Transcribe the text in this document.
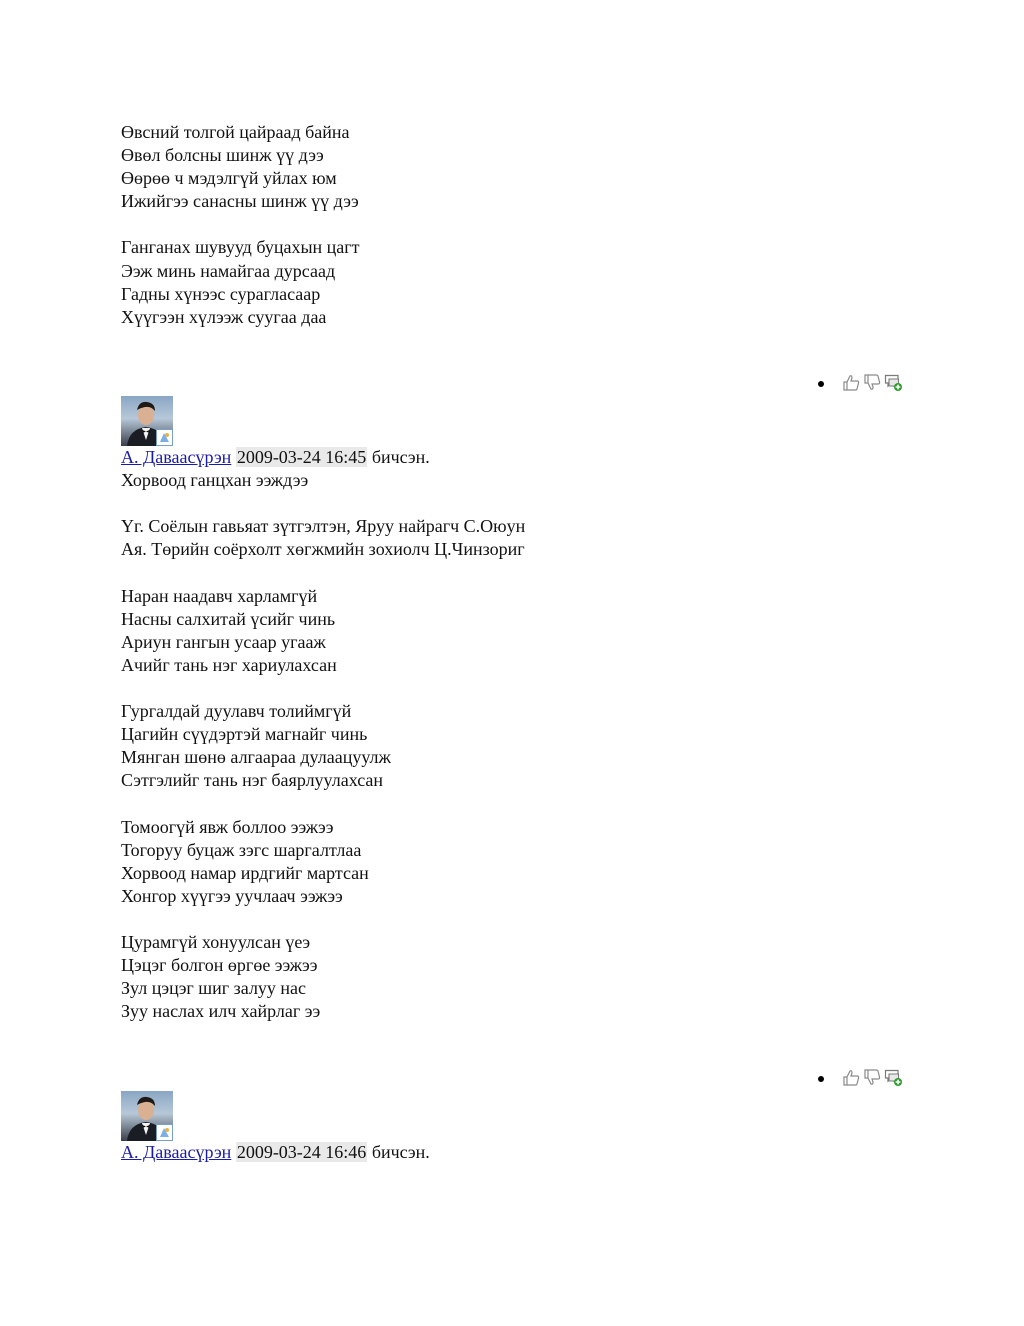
Өвсний толгой цайраад байна
Өвөл болсны шинж үү дээ
Өөрөө ч мэдэлгүй уйлах юм
Ижийгээ санасны шинж үү дээ
Ганганах шувууд буцахын цагт
Ээж минь намайгаа дурсаад
Гадны хүнээс сурагласаар
Хүүгээн хүлээж суугаа даа
А. Даваасүрэн 2009-03-24 16:45 бичсэн.
Хорвоод ганцхан ээждээ
Үг. Соёлын гавьяат зүтгэлтэн, Яруу найрагч С.Оюун
Ая. Төрийн соёрхолт хөгжмийн зохиолч Ц.Чинзориг
Наран наадавч харламгүй
Насны салхитай үсийг чинь
Ариун гангын усаар угааж
Ачийг тань нэг хариулахсан
Гургалдай дуулавч толиймгүй
Цагийн сүүдэртэй магнайг чинь
Мянган шөнө алгаараа дулаацуулж
Сэтгэлийг тань нэг баярлуулахсан
Томоогүй явж боллоо ээжээ
Тогоруу буцаж зэгс шаргалтлаа
Хорвоод намар ирдгийг мартсан
Хонгор хүүгээ уучлаач ээжээ
Цурамгүй хонуулсан үеэ
Цэцэг болгон өргөе ээжээ
Зул цэцэг шиг залуу нас
Зуу наслах илч хайрлаг ээ
А. Даваасүрэн 2009-03-24 16:46 бичсэн.
